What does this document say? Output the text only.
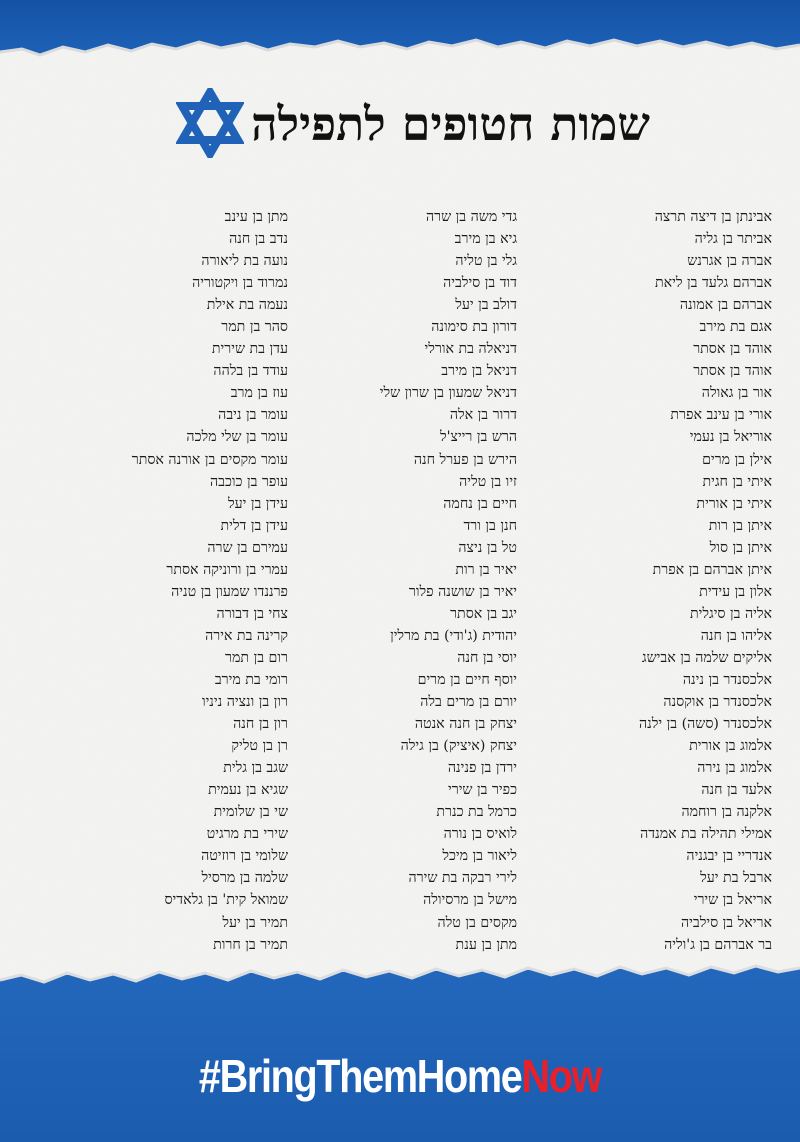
שמות חטופים לתפילה
אבינתן בן דיצה תרצה
אביתר בן גליה
אברה בן אגרנש
אברהם גלעד בן ליאת
אברהם בן אמונה
אגם בת מירב
אוהד בן אסתר
אוהד בן אסתר
אור בן גאולה
אורי בן עינב אפרת
אוריאל בן נעמי
אילן בן מרים
איתי בן חגית
איתי בן אורית
איתן בן רות
איתן בן סול
איתן אברהם בן אפרת
אלון בן עידית
אליה בן סיגלית
אליהו בן חנה
אליקים שלמה בן אבישג
אלכסנדר בן נינה
אלכסנדר בן אוקסנה
אלכסנדר (סשה) בן ילנה
אלמוג בן אורית
אלמוג בן נירה
אלעד בן חנה
אלקנה בן רוחמה
אמילי תהילה בת אמנדה
אנדריי בן יבגניה
ארבל בת יעל
אריאל בן שירי
אריאל בן סילביה
בר אברהם בן ג'וליה
גדי משה בן שרה
גיא בן מירב
גלי בן טליה
דוד בן סילביה
דולב בן יעל
דורון בת סימונה
דניאלה בת אורלי
דניאל בן מירב
דניאל שמעון בן שרון שלי
דרור בן אלה
הרש בן רייצ'ל
הירש בן פערל חנה
זיו בן טליה
חיים בן נחמה
חנן בן ורד
טל בן ניצה
יאיר בן רות
יאיר בן שושנה פלור
יגב בן אסתר
יהודית (ג'ודי) בת מרלין
יוסי בן חנה
יוסף חיים בן מרים
יורם בן מרים בלה
יצחק בן חנה אנטה
יצחק (איציק) בן גילה
ירדן בן פנינה
כפיר בן שירי
כרמל בת כנרת
לואיס בן נורה
ליאור בן מיכל
לירי רבקה בת שירה
מישל בן מרסיולה
מקסים בן טלה
מתן בן ענת
מתן בן עינב
נדב בן חנה
נועה בת ליאורה
נמרוד בן ויקטוריה
נעמה בת אילת
סהר בן תמר
עדן בת שירית
עודד בן בלהה
עוז בן מרב
עומר בן ניבה
עומר בן שלי מלכה
עומר מקסים בן אורנה אסתר
עופר בן כוכבה
עידן בן יעל
עידן בן דלית
עמירם בן שרה
עמרי בן ורוניקה אסתר
פרננדו שמעון בן טניה
צחי בן דבורה
קרינה בת אירה
רום בן תמר
רומי בת מירב
רון בן ונציה ניניו
רון בן חנה
רן בן טליק
שגב בן גלית
שגיא בן נעמית
שי בן שלומית
שירי בת מרגיט
שלומי בן רוזיטה
שלמה בן מרסיל
שמואל קית' בן גלאדיס
תמיר בן יעל
תמיר בן חרות
#BringThemHomeNow
